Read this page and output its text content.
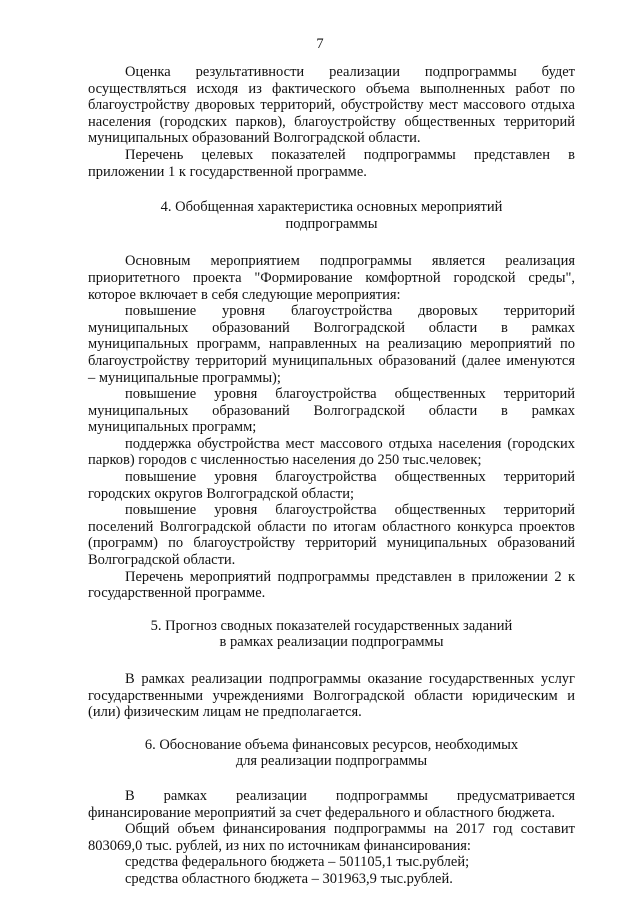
7

Оценка результативности реализации подпрограммы будет осуществляться исходя из фактического объема выполненных работ по благоустройству дворовых территорий, обустройству мест массового отдыха населения (городских парков), благоустройству общественных территорий муниципальных образований Волгоградской области.

Перечень целевых показателей подпрограммы представлен в приложении 1 к государственной программе.

4. Обобщенная характеристика основных мероприятий
подпрограммы

Основным мероприятием подпрограммы является реализация приоритетного проекта "Формирование комфортной городской среды", которое включает в себя следующие мероприятия:

повышение уровня благоустройства дворовых территорий муниципальных образований Волгоградской области в рамках муниципальных программ, направленных на реализацию мероприятий по благоустройству территорий муниципальных образований (далее именуются – муниципальные программы);

повышение уровня благоустройства общественных территорий муниципальных образований Волгоградской области в рамках муниципальных программ;

поддержка обустройства мест массового отдыха населения (городских парков) городов с численностью населения до 250 тыс.человек;

повышение уровня благоустройства общественных территорий городских округов Волгоградской области;

повышение уровня благоустройства общественных территорий поселений Волгоградской области по итогам областного конкурса проектов (программ) по благоустройству территорий муниципальных образований Волгоградской области.

Перечень мероприятий подпрограммы представлен в приложении 2 к государственной программе.

5. Прогноз сводных показателей государственных заданий
в рамках реализации подпрограммы

В рамках реализации подпрограммы оказание государственных услуг государственными учреждениями Волгоградской области юридическим и (или) физическим лицам не предполагается.

6. Обоснование объема финансовых ресурсов, необходимых
для реализации подпрограммы

В рамках реализации подпрограммы предусматривается финансирование мероприятий за счет федерального и областного бюджета.

Общий объем финансирования подпрограммы на 2017 год составит 803069,0 тыс. рублей, из них по источникам финансирования:

средства федерального бюджета – 501105,1 тыс.рублей;

средства областного бюджета – 301963,9 тыс.рублей.
